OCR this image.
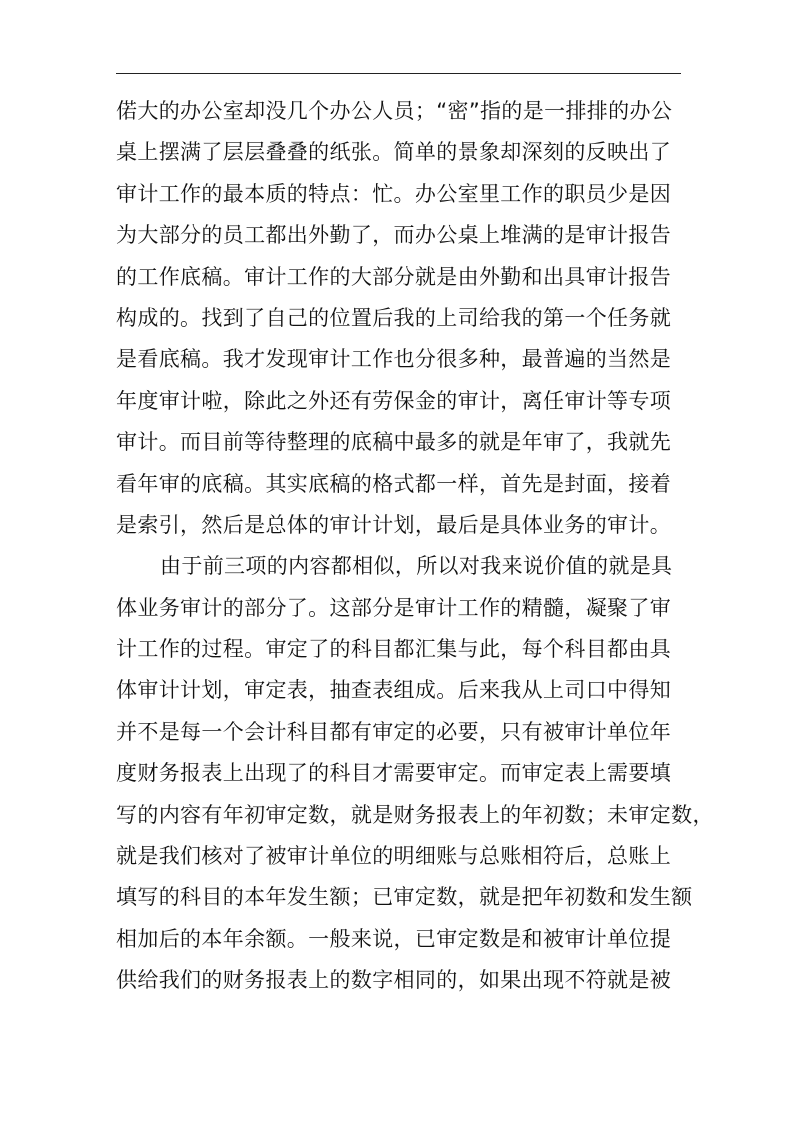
偌大的办公室却没几个办公人员；“密”指的是一排排的办公
桌上摆满了层层叠叠的纸张。简单的景象却深刻的反映出了
审计工作的最本质的特点：忙。办公室里工作的职员少是因
为大部分的员工都出外勤了，而办公桌上堆满的是审计报告
的工作底稿。审计工作的大部分就是由外勤和出具审计报告
构成的。找到了自己的位置后我的上司给我的第一个任务就
是看底稿。我才发现审计工作也分很多种，最普遍的当然是
年度审计啦，除此之外还有劳保金的审计，离任审计等专项
审计。而目前等待整理的底稿中最多的就是年审了，我就先
看年审的底稿。其实底稿的格式都一样，首先是封面，接着
是索引，然后是总体的审计计划，最后是具体业务的审计。
由于前三项的内容都相似，所以对我来说价值的就是具
体业务审计的部分了。这部分是审计工作的精髓，凝聚了审
计工作的过程。审定了的科目都汇集与此，每个科目都由具
体审计计划，审定表，抽查表组成。后来我从上司口中得知
并不是每一个会计科目都有审定的必要，只有被审计单位年
度财务报表上出现了的科目才需要审定。而审定表上需要填
写的内容有年初审定数，就是财务报表上的年初数；未审定数，
就是我们核对了被审计单位的明细账与总账相符后，总账上
填写的科目的本年发生额；已审定数，就是把年初数和发生额
相加后的本年余额。一般来说，已审定数是和被审计单位提
供给我们的财务报表上的数字相同的，如果出现不符就是被
